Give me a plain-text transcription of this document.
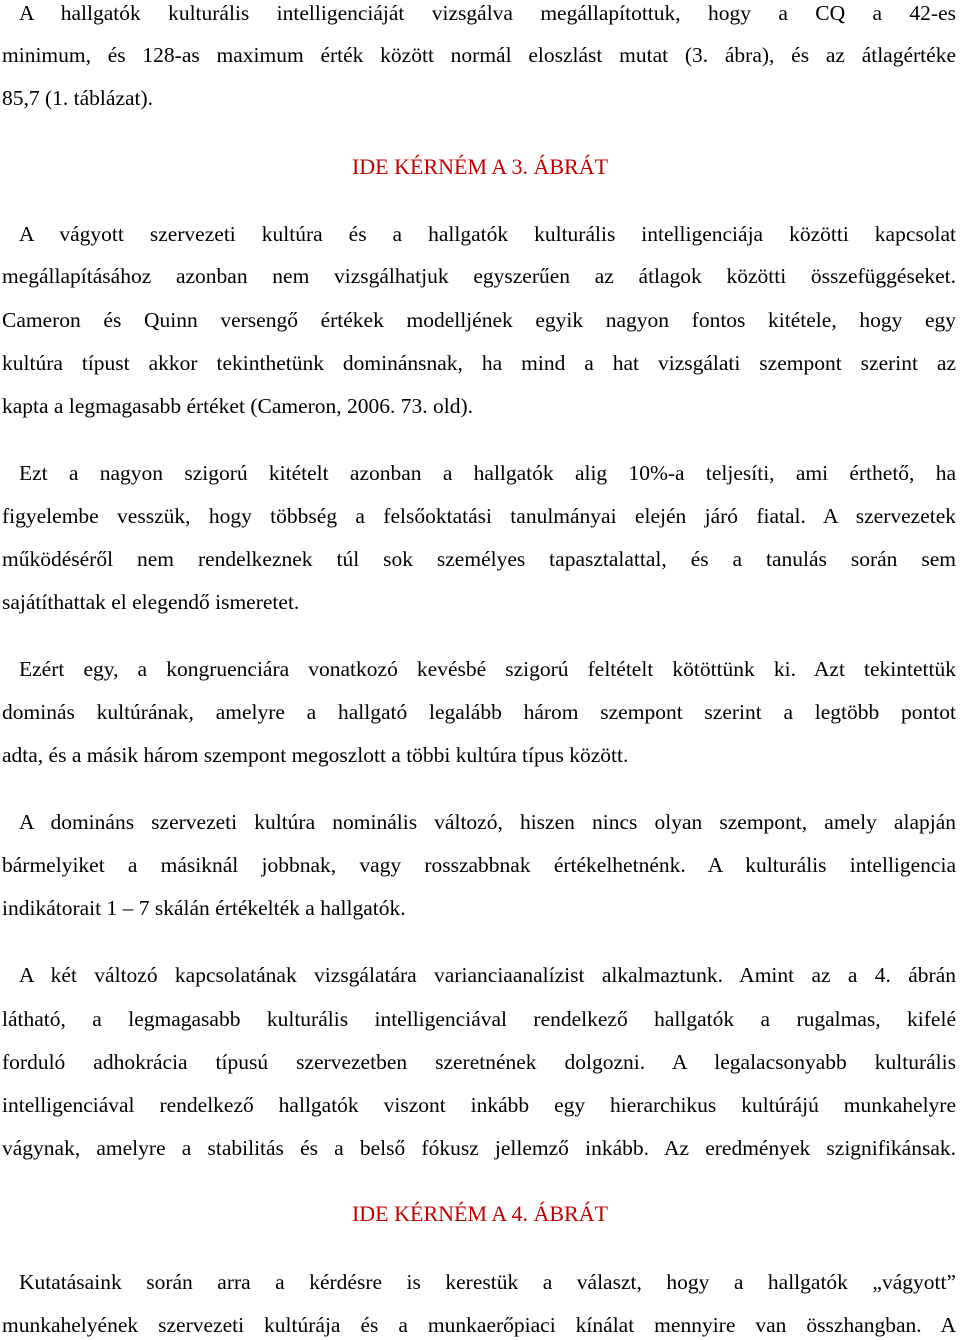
A hallgatók kulturális intelligenciáját vizsgálva megállapítottuk, hogy a CQ a 42-es
minimum, és 128-as maximum érték között normál eloszlást mutat (3. ábra), és az átlagértéke
85,7 (1. táblázat).
IDE KÉRNÉM A 3. ÁBRÁT
A vágyott szervezeti kultúra és a hallgatók kulturális intelligenciája közötti kapcsolat
megállapításához azonban nem vizsgálhatjuk egyszerűen az átlagok közötti összefüggéseket.
Cameron és Quinn versengő értékek modelljének egyik nagyon fontos kitétele, hogy egy
kultúra típust akkor tekinthetünk dominánsnak, ha mind a hat vizsgálati szempont szerint az
kapta a legmagasabb értéket (Cameron, 2006. 73. old).
Ezt a nagyon szigorú kitételt azonban a hallgatók alig 10%-a teljesíti, ami érthető, ha
figyelembe vesszük, hogy többség a felsőoktatási tanulmányai elején járó fiatal. A szervezetek
működéséről nem rendelkeznek túl sok személyes tapasztalattal, és a tanulás során sem
sajátíthattak el elegendő ismeretet.
Ezért egy, a kongruenciára vonatkozó kevésbé szigorú feltételt kötöttünk ki. Azt tekintettük
dominás kultúrának, amelyre a hallgató legalább három szempont szerint a legtöbb pontot
adta, és a másik három szempont megoszlott a többi kultúra típus között.
A domináns szervezeti kultúra nominális változó, hiszen nincs olyan szempont, amely alapján
bármelyiket a másiknál jobbnak, vagy rosszabbnak értékelhetnénk. A kulturális intelligencia
indikátorait 1 – 7 skálán értékelték a hallgatók.
A két változó kapcsolatának vizsgálatára varianciaanalízist alkalmaztunk. Amint az a 4. ábrán
látható, a legmagasabb kulturális intelligenciával rendelkező hallgatók a rugalmas, kifelé
forduló adhokrácia típusú szervezetben szeretnének dolgozni. A legalacsonyabb kulturális
intelligenciával rendelkező hallgatók viszont inkább egy hierarchikus kultúrájú munkahelyre
vágynak, amelyre a stabilitás és a belső fókusz jellemző inkább. Az eredmények szignifikánsak.
IDE KÉRNÉM A 4. ÁBRÁT
Kutatásaink során arra a kérdésre is kerestük a választ, hogy a hallgatók „vágyott”
munkahelyének szervezeti kultúrája és a munkaerőpiaci kínálat mennyire van összhangban. A
